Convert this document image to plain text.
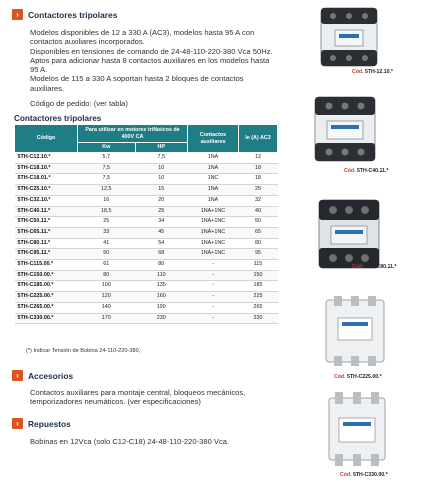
›	Contactores tripolares

Modelos disponibles de 12 a 330 A (AC3), modelos hasta 95 A con

contactos auxiliares incorporados.

Disponibles en tensiones de comando de 24-48-110-220-380 Vca 50Hz.

Aptos para adicionar hasta 8 contactos auxiliares en los modelos hasta

95 A.

Modelos de 115 a 330 A soportan hasta 2 bloques de contactos

auxiliares.

Código de pedido: (ver tabla)

Contactores tripolares
Código	Para utilizar en motores trifásicos de 400V CA		Contactos auxiliares	Ie (A) AC3
	Kw	HP		
5TH-C12.10.*	5,7	7,5	1NA	12
5TH-C18.10.*	7,5	10	1NA	18
5TH-C18.01.*	7,5	10	1NC	18
5TH-C25.10.*	12,5	15	1NA	25
5TH-C32.10.*	16	20	1NA	32
5TH-C40.11.*	18,5	25	1NA+1NC	40
5TH-C50.11.*	25	34	1NA+1NC	50
5TH-C65.11.*	33	45	1NA+1NC	65
5TH-C80.11.*	41	54	1NA+1NC	80
5TH-C95.11.*	50	68	1NA+1NC	95
5TH-C115.00.*	61	80	-	115
5TH-C150.00.*	80	110	-	150
5TH-C185.00.*	100	135	-	185
5TH-C225.00.*	120	160	-	225
5TH-C265.00.*	140	190	-	265
5TH-C330.00.*	170	230	-	330
(*) Indicar Tensión de Bobina 24-110-220-380,
›	Accesorios

Contactos auxiliares para montaje central, bloqueos mecánicos,

temporizadores neumáticos. (ver especificaciones)

›	Repuestos
Bobinas en 12Vca (solo C12-C18) 24-48-110-220-380 Vca.
Cód. 5TH-12.10.*
Cód. 5TH-C40.11.*
Cód. 5TH-C80.11.*
Cód. 5TH-C225.00.*
Cód. 5TH-C330.00.*
